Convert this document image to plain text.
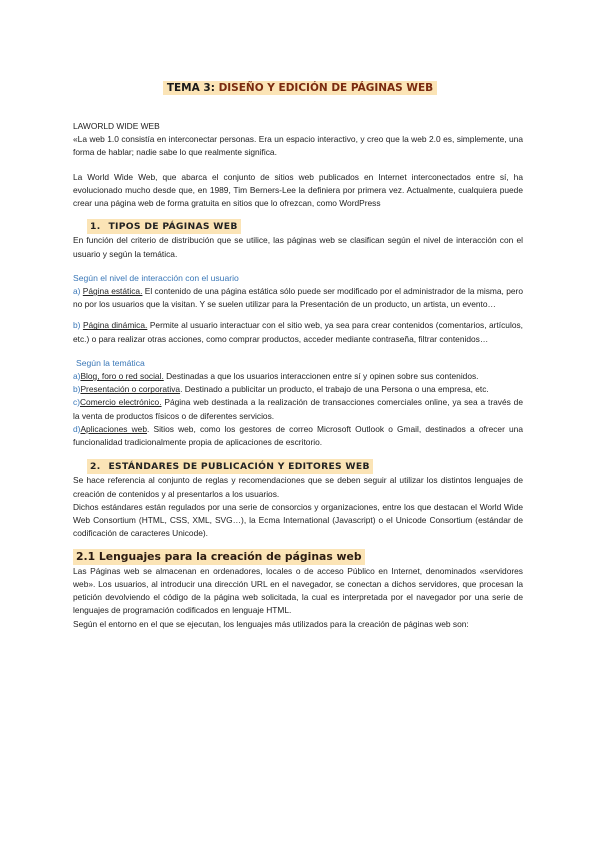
TEMA 3: DISEÑO Y EDICIÓN DE PÁGINAS WEB

LAWORLD WIDE WEB

«La web 1.0 consistía en interconectar personas. Era un espacio interactivo, y creo que la web 2.0 es, simplemente, una forma de hablar; nadie sabe lo que realmente significa.

La World Wide Web, que abarca el conjunto de sitios web publicados en Internet interconectados entre sí, ha evolucionado mucho desde que, en 1989, Tim Berners-Lee la definiera por primera vez. Actualmente, cualquiera puede crear una página web de forma gratuita en sitios que lo ofrezcan, como WordPress

1. TIPOS DE PÁGINAS WEB

En función del criterio de distribución que se utilice, las páginas web se clasifican según el nivel de interacción con el usuario y según la temática.

Según el nivel de interacción con el usuario

a) Página estática. El contenido de una página estática sólo puede ser modificado por el administrador de la misma, pero no por los usuarios que la visitan. Y se suelen utilizar para la Presentación de un producto, un artista, un evento…

b) Página dinámica. Permite al usuario interactuar con el sitio web, ya sea para crear contenidos (comentarios, artículos, etc.) o para realizar otras acciones, como comprar productos, acceder mediante contraseña, filtrar contenidos…

Según la temática

a)Blog, foro o red social. Destinadas a que los usuarios interaccionen entre sí y opinen sobre sus contenidos.

b)Presentación o corporativa. Destinado a publicitar un producto, el trabajo de una Persona o una empresa, etc.

c)Comercio electrónico. Página web destinada a la realización de transacciones comerciales online, ya sea a través de la venta de productos físicos o de diferentes servicios.

d)Aplicaciones web. Sitios web, como los gestores de correo Microsoft Outlook o Gmail, destinados a ofrecer una funcionalidad tradicionalmente propia de aplicaciones de escritorio.

2. ESTÁNDARES DE PUBLICACIÓN Y EDITORES WEB

Se hace referencia al conjunto de reglas y recomendaciones que se deben seguir al utilizar los distintos lenguajes de creación de contenidos y al presentarlos a los usuarios.

Dichos estándares están regulados por una serie de consorcios y organizaciones, entre los que destacan el World Wide Web Consortium (HTML, CSS, XML, SVG…), la Ecma International (Javascript) o el Unicode Consortium (estándar de codificación de caracteres Unicode).

2.1 Lenguajes para la creación de páginas web

Las Páginas web se almacenan en ordenadores, locales o de acceso Público en Internet, denominados «servidores web». Los usuarios, al introducir una dirección URL en el navegador, se conectan a dichos servidores, que procesan la petición devolviendo el código de la página web solicitada, la cual es interpretada por el navegador por una serie de lenguajes de programación codificados en lenguaje HTML.

Según el entorno en el que se ejecutan, los lenguajes más utilizados para la creación de páginas web son:
